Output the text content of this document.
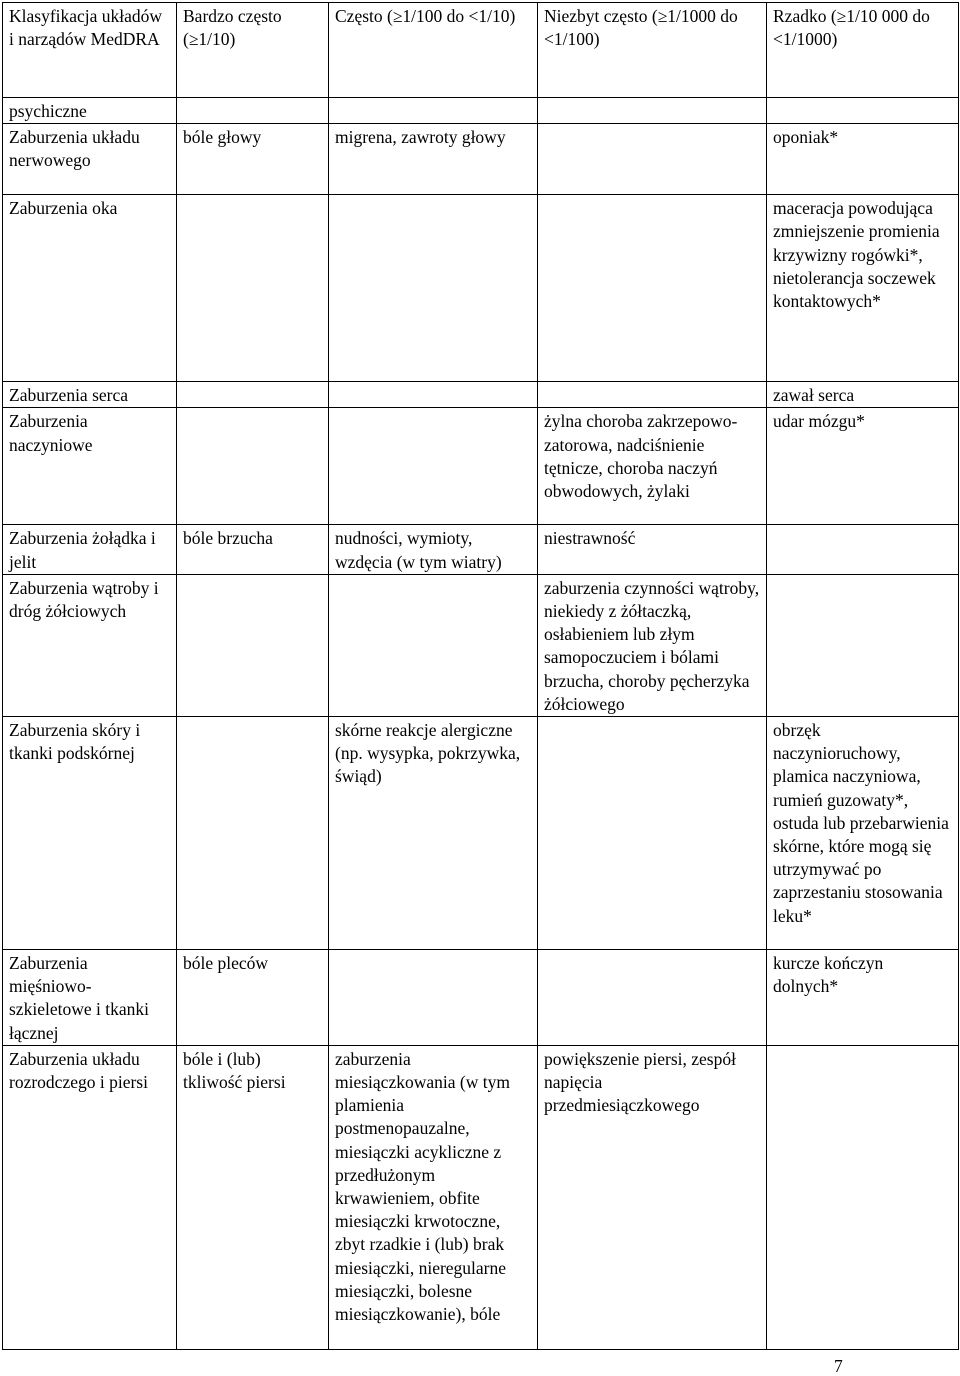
Klasyfikacja układów i narządów MedDRA	Bardzo często (≥1/10)	Często (≥1/100 do <1/10)	Niezbyt często (≥1/1000 do <1/100)	Rzadko (≥1/10 000 do <1/1000)
psychiczne				
Zaburzenia układu nerwowego	bóle głowy	migrena, zawroty głowy		oponiak*
Zaburzenia oka				maceracja powodująca zmniejszenie promienia krzywizny rogówki*, nietolerancja soczewek kontaktowych*
Zaburzenia serca				zawał serca
Zaburzenia naczyniowe			żylna choroba zakrzepowo-zatorowa, nadciśnienie tętnicze, choroba naczyń obwodowych, żylaki	udar mózgu*
Zaburzenia żołądka i jelit	bóle brzucha	nudności, wymioty, wzdęcia (w tym wiatry)	niestrawność	
Zaburzenia wątroby i dróg żółciowych			zaburzenia czynności wątroby, niekiedy z żółtaczką, osłabieniem lub złym samopoczuciem i bólami brzucha, choroby pęcherzyka żółciowego	
Zaburzenia skóry i tkanki podskórnej		skórne reakcje alergiczne (np. wysypka, pokrzywka, świąd)		obrzęk naczynioruchowy, plamica naczyniowa, rumień guzowaty*, ostuda lub przebarwienia skórne, które mogą się utrzymywać po zaprzestaniu stosowania leku*
Zaburzenia mięśniowo-szkieletowe i tkanki łącznej	bóle pleców			kurcze kończyn dolnych*
Zaburzenia układu rozrodczego i piersi	bóle i (lub) tkliwość piersi	zaburzenia miesiączkowania (w tym plamienia postmenopauzalne, miesiączki acykliczne z przedłużonym krwawieniem, obfite miesiączki krwotoczne, zbyt rzadkie i (lub) brak miesiączki, nieregularne miesiączki, bolesne miesiączkowanie), bóle	powiększenie piersi, zespół napięcia przedmiesiączkowego	
7
